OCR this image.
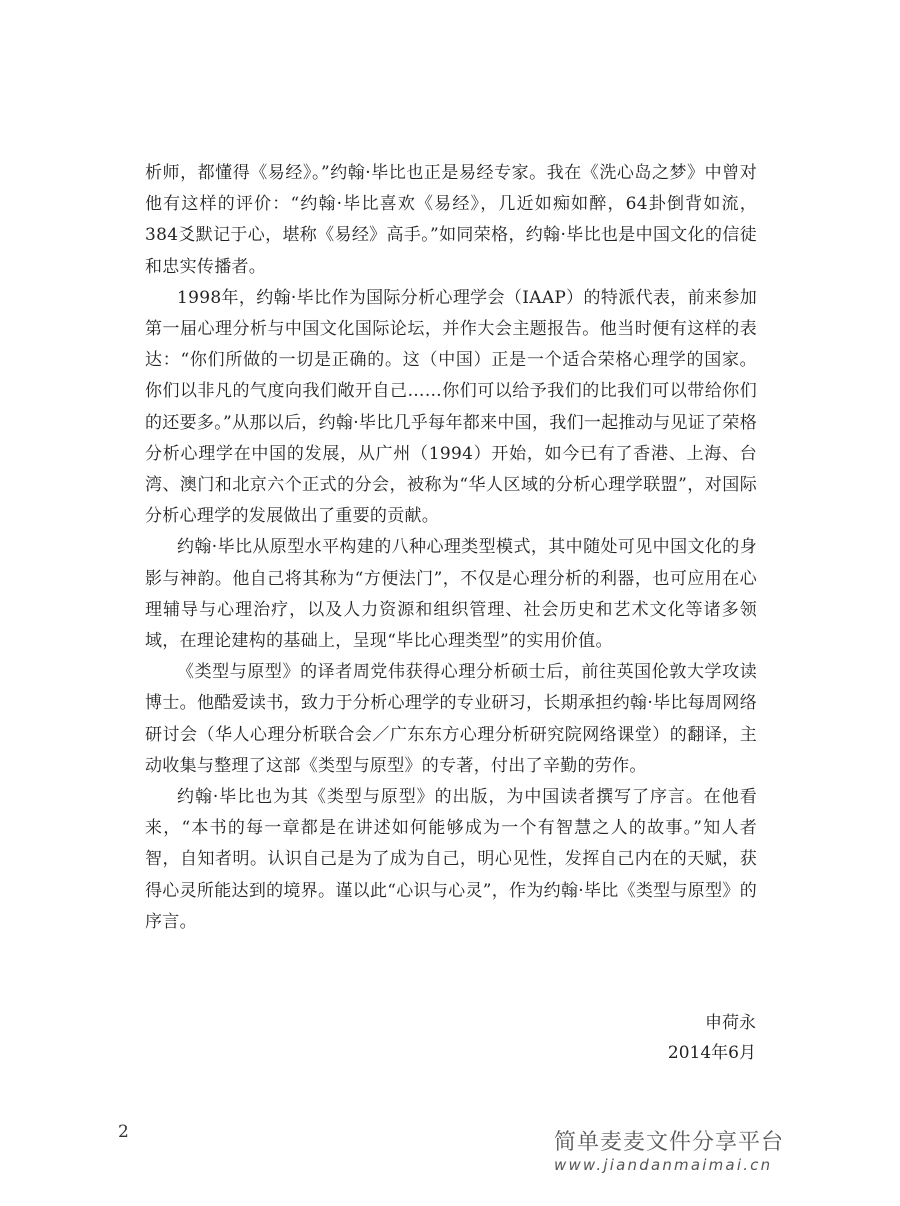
析师，都懂得《易经》。”约翰·毕比也正是易经专家。我在《洗心岛之梦》中曾对他有这样的评价：“约翰·毕比喜欢《易经》，几近如痴如醉，64卦倒背如流，384爻默记于心，堪称《易经》高手。”如同荣格，约翰·毕比也是中国文化的信徒和忠实传播者。

1998年，约翰·毕比作为国际分析心理学会（IAAP）的特派代表，前来参加第一届心理分析与中国文化国际论坛，并作大会主题报告。他当时便有这样的表达：“你们所做的一切是正确的。这（中国）正是一个适合荣格心理学的国家。你们以非凡的气度向我们敞开自己……你们可以给予我们的比我们可以带给你们的还要多。”从那以后，约翰·毕比几乎每年都来中国，我们一起推动与见证了荣格分析心理学在中国的发展，从广州（1994）开始，如今已有了香港、上海、台湾、澳门和北京六个正式的分会，被称为“华人区域的分析心理学联盟”，对国际分析心理学的发展做出了重要的贡献。

约翰·毕比从原型水平构建的八种心理类型模式，其中随处可见中国文化的身影与神韵。他自己将其称为“方便法门”，不仅是心理分析的利器，也可应用在心理辅导与心理治疗，以及人力资源和组织管理、社会历史和艺术文化等诸多领域，在理论建构的基础上，呈现“毕比心理类型”的实用价值。

《类型与原型》的译者周党伟获得心理分析硕士后，前往英国伦敦大学攻读博士。他酷爱读书，致力于分析心理学的专业研习，长期承担约翰·毕比每周网络研讨会（华人心理分析联合会／广东东方心理分析研究院网络课堂）的翻译，主动收集与整理了这部《类型与原型》的专著，付出了辛勤的劳作。

约翰·毕比也为其《类型与原型》的出版，为中国读者撰写了序言。在他看来，“本书的每一章都是在讲述如何能够成为一个有智慧之人的故事。”知人者智，自知者明。认识自己是为了成为自己，明心见性，发挥自己内在的天赋，获得心灵所能达到的境界。谨以此“心识与心灵”，作为约翰·毕比《类型与原型》的序言。

申荷永
2014年6月
2	简单麦麦文件分享平台
www.jiandanmaimai.cn
